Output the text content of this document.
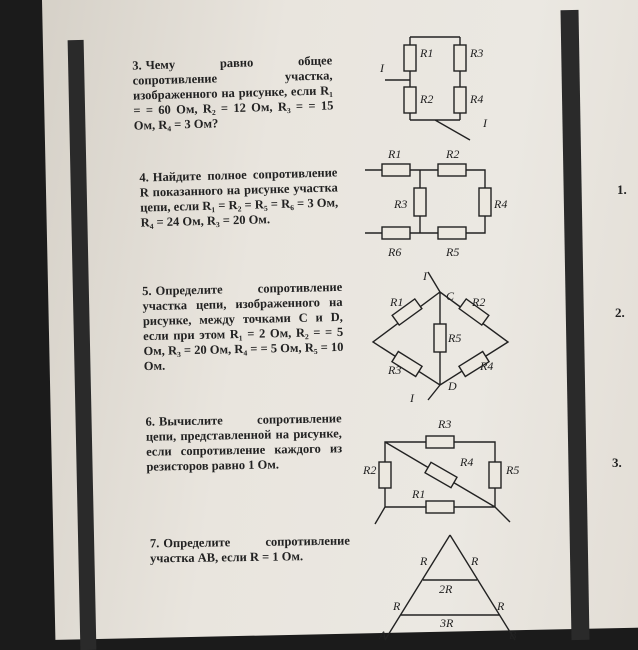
1.
2.
3.
3. Чему равно общее сопротивление участка, изображенного на рисунке, если R₁ = = 60 Ом, R₂ = 12 Ом, R₃ = = 15 Ом, R₄ = 3 Ом?
4. Найдите полное сопротивление R показанного на рисунке участка цепи, если R₁ = R₂ = R₅ = R₆ = 3 Ом, R₄ = 24 Ом, R₃ = 20 Ом.
5. Определите сопротивление участка цепи, изображенного на рисунке, между точками C и D, если при этом R₁ = 2 Ом, R₂ = = 5 Ом, R₃ = 20 Ом, R₄ = = 5 Ом, R₅ = 10 Ом.
6. Вычислите сопротивление цепи, представленной на рисунке, если сопротивление каждого из резисторов равно 1 Ом.
7. Определите сопротивление участка AB, если R = 1 Ом.
R1	R3
R2	R4
I
I
R1	R2
R3	R4
R6	R5
I
C
R1	R2
R5
R3	R4
D
I
R3
R2
R4
R5
R1
R	R
2R
R	R
3R
A	B
